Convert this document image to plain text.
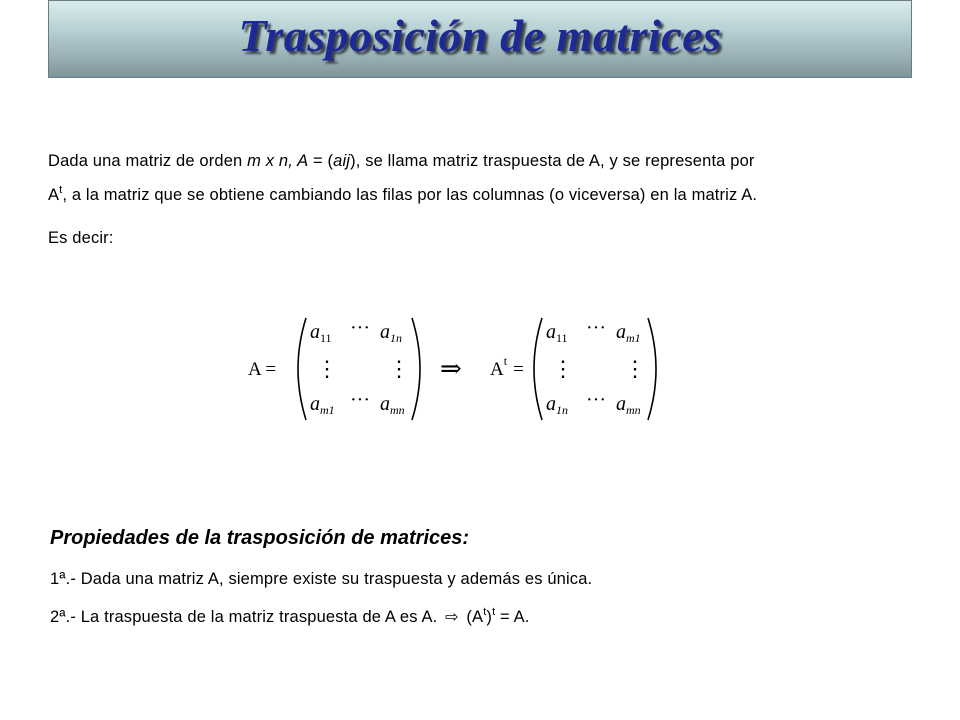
Trasposición de matrices
Dada una matriz de orden m x n, A = (aij), se llama matriz traspuesta de A, y se representa por
$A^t$, a la matriz que se obtiene cambiando las filas por las columnas (o viceversa) en la matriz A.
Es decir:
A =
$a_{11}$ ··· $a_{1n}$
⋮ ⋮
$a_{m1}$ ··· $a_{mn}$
⇒ $A^t$ =
$a_{11}$ ··· $a_{m1}$
⋮ ⋮
$a_{1n}$ ··· $a_{mn}$
Propiedades de la trasposición de matrices:
1ª.- Dada una matriz A, siempre existe su traspuesta y además es única.
2ª.- La traspuesta de la matriz traspuesta de A es A. ⇨ $(A^t)^t = A$.
